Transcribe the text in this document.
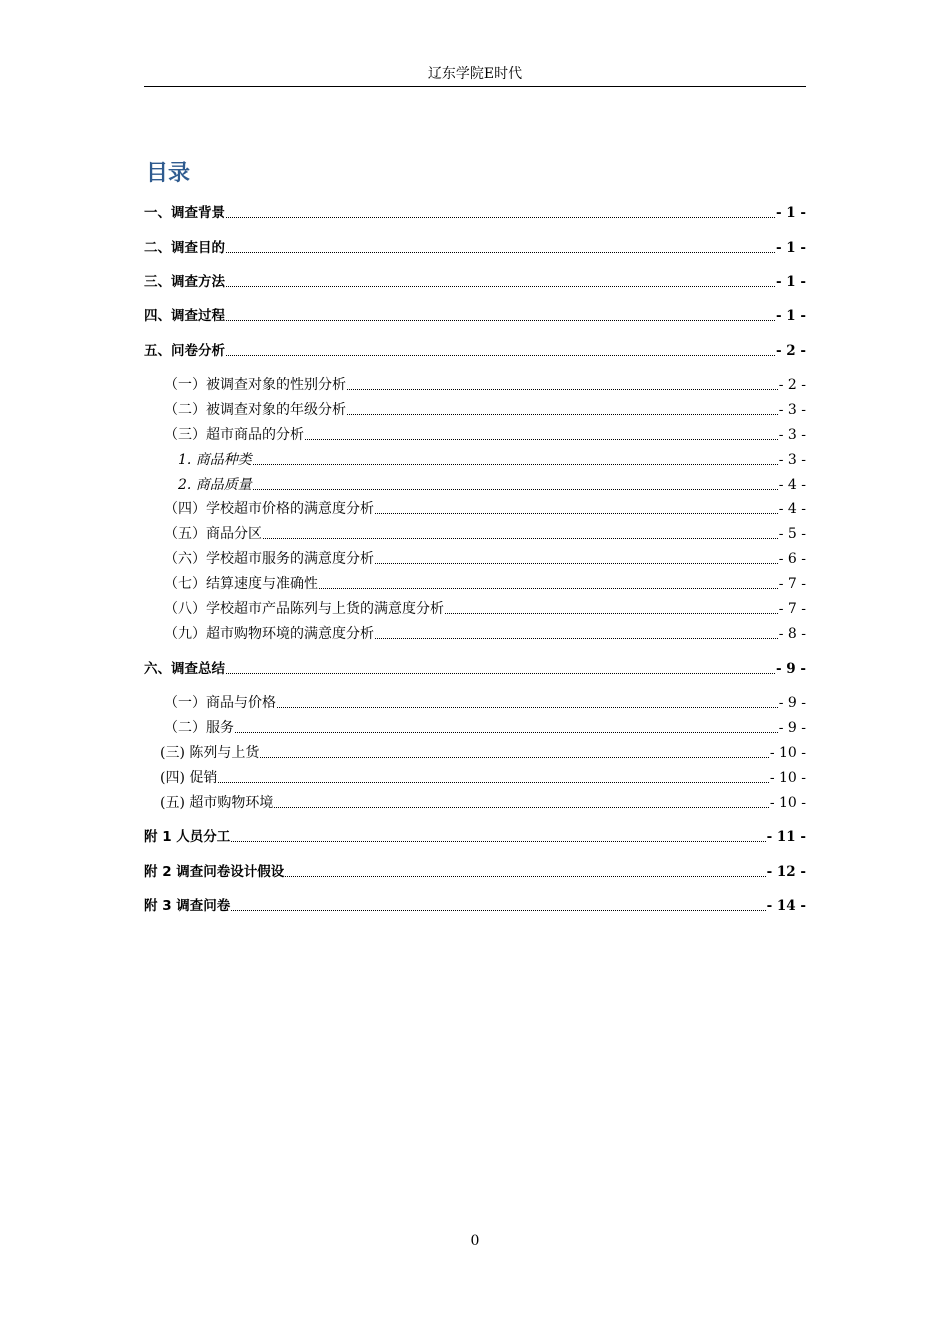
辽东学院E时代
目录
一、调查背景	- 1 -
二、调查目的	- 1 -
三、调查方法	- 1 -
四、调查过程	- 1 -
五、问卷分析	- 2 -
（一）被调查对象的性别分析	- 2 -
（二）被调查对象的年级分析	- 3 -
（三）超市商品的分析	- 3 -
1. 商品种类	- 3 -
2. 商品质量	- 4 -
（四）学校超市价格的满意度分析	- 4 -
（五）商品分区	- 5 -
（六）学校超市服务的满意度分析	- 6 -
（七）结算速度与准确性	- 7 -
（八）学校超市产品陈列与上货的满意度分析	- 7 -
（九）超市购物环境的满意度分析	- 8 -
六、调查总结	- 9 -
（一）商品与价格	- 9 -
（二）服务	- 9 -
(三) 陈列与上货	- 10 -
(四) 促销	- 10 -
(五) 超市购物环境	- 10 -
附 1 人员分工	- 11 -
附 2 调查问卷设计假设	- 12 -
附 3 调查问卷	- 14 -
0
